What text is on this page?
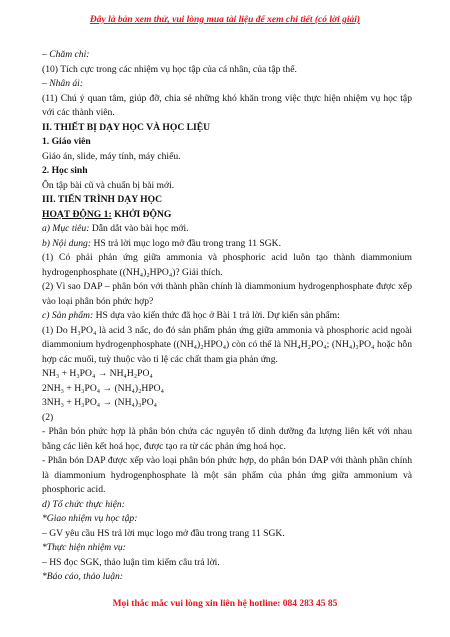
Đây là bản xem thử, vui lòng mua tài liệu để xem chi tiết (có lời giải)

– Chăm chỉ:

(10) Tích cực trong các nhiệm vụ học tập của cá nhân, của tập thể.

– Nhân ái:

(11) Chú ý quan tâm, giúp đỡ, chia sẻ những khó khăn trong việc thực hiện nhiệm vụ học tập với các thành viên.

II. THIẾT BỊ DẠY HỌC VÀ HỌC LIỆU

1. Giáo viên

Giáo án, slide, máy tính, máy chiếu.

2. Học sinh

Ôn tập bài cũ và chuẩn bị bài mới.

III. TIẾN TRÌNH DẠY HỌC

HOẠT ĐỘNG 1: KHỞI ĐỘNG

a) Mục tiêu: Dẫn dắt vào bài học mới.

b) Nội dung: HS trả lời mục logo mở đầu trong trang 11 SGK.

(1) Có phải phản ứng giữa ammonia và phosphoric acid luôn tạo thành diammonium hydrogenphosphate ((NH₄)₂HPO₄)? Giải thích.

(2) Vì sao DAP – phân bón với thành phần chính là diammonium hydrogenphosphate được xếp vào loại phân bón phức hợp?

c) Sản phẩm: HS dựa vào kiến thức đã học ở Bài 1 trả lời. Dự kiến sản phẩm:

(1) Do H₃PO₄ là acid 3 nấc, do đó sản phẩm phản ứng giữa ammonia và phosphoric acid ngoài diammonium hydrogenphosphate ((NH₄)₂HPO₄) còn có thể là NH₄H₂PO₄; (NH₄)₃PO₄ hoặc hỗn hợp các muối, tuỳ thuộc vào tỉ lệ các chất tham gia phản ứng.

NH₃ + H₃PO₄ → NH₄H₂PO₄

2NH₃ + H₃PO₄ → (NH₄)₂HPO₄

3NH₃ + H₃PO₄ → (NH₄)₃PO₄

(2)

- Phân bón phức hợp là phân bón chứa các nguyên tố dinh dưỡng đa lượng liên kết với nhau bằng các liên kết hoá học, được tạo ra từ các phản ứng hoá học.

- Phân bón DAP được xếp vào loại phân bón phức hợp, do phân bón DAP với thành phần chính là diammonium hydrogenphosphate là một sản phẩm của phản ứng giữa ammonium và phosphoric acid.

d) Tổ chức thực hiện:

*Giao nhiệm vụ học tập:

– GV yêu cầu HS trả lời mục logo mở đầu trong trang 11 SGK.

*Thực hiện nhiệm vụ:

– HS đọc SGK, thảo luận tìm kiếm câu trả lời.

*Báo cáo, thảo luận:

Mọi thắc mắc vui lòng xin liên hệ hotline: 084 283 45 85
